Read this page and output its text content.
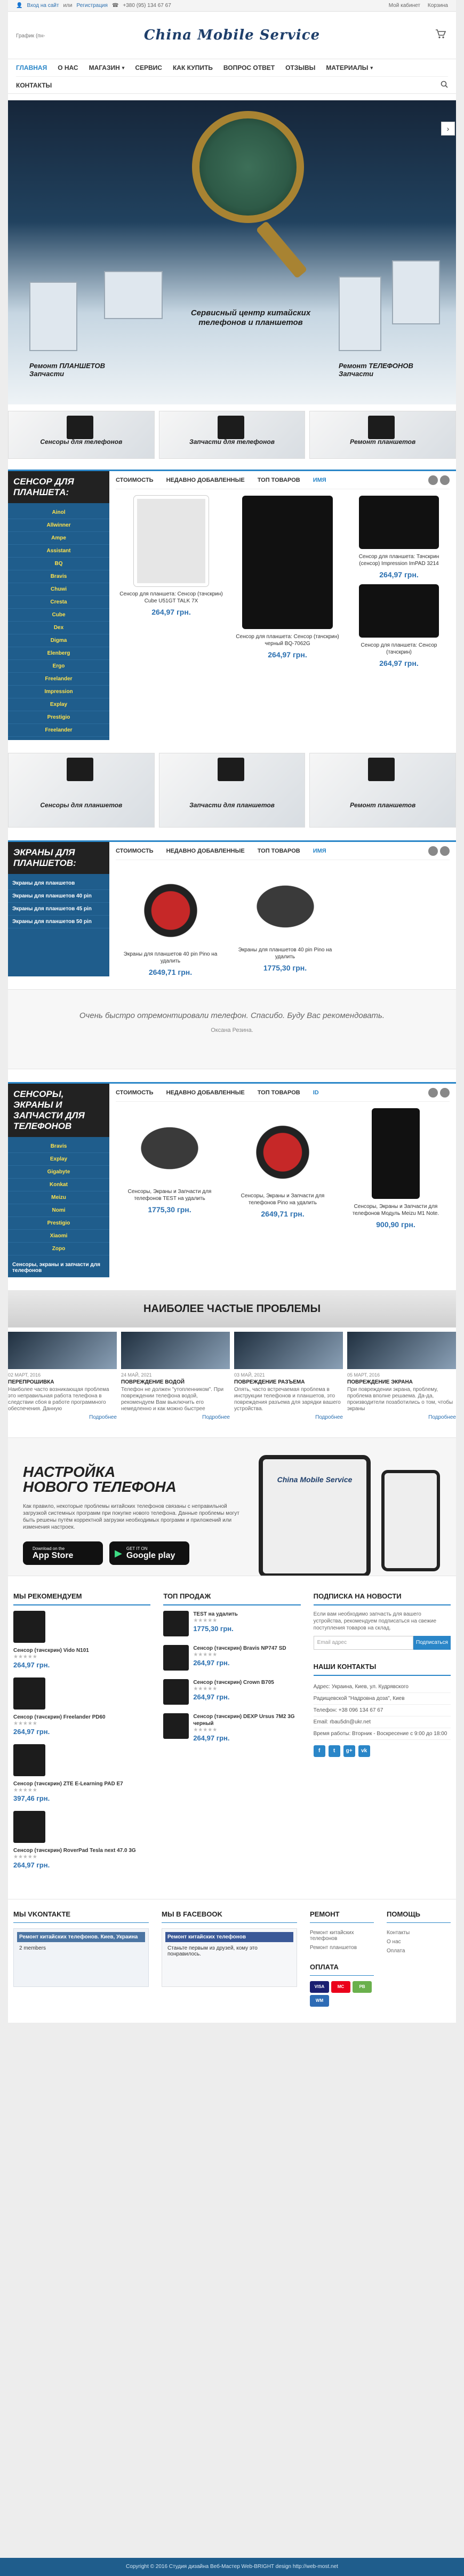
👤 Вход на сайт или Регистрация ☎ +380 (95) 134 67 67	Мой кабинет Корзина
График (пн-	China Mobile Service
ГЛАВНАЯ О НАС МАГАЗИН ▾ СЕРВИС КАК КУПИТЬ ВОПРОС ОТВЕТ ОТЗЫВЫ МАТЕРИАЛЫ ▾
КОНТАКТЫ
Сервисный центр китайских телефонов и планшетов
Ремонт ПЛАНШЕТОВ Запчасти
Ремонт ТЕЛЕФОНОВ Запчасти
›
Сенсоры для телефонов	Запчасти для телефонов	Ремонт планшетов
СЕНСОР ДЛЯ ПЛАНШЕТА:
Ainol
Allwinner
Ampe
Assistant
BQ
Bravis
Chuwi
Cresta
Cube
Dex
Digma
Elenberg
Ergo
Freelander
Impression
Explay
Prestigio
Freelander
СТОИМОСТЬ НЕДАВНО ДОБАВЛЕННЫЕ ТОП ТОВАРОВ ИМЯ
Сенсор для планшета: Сенсор (тачскрин) Cube U51GT TALK 7X
264,97 грн.
Сенсор для планшета: Сенсор (тачскрин) черный BQ-7062G
264,97 грн.
Сенсор для планшета: Тачскрин (сенсор) Impression ImPAD 3214
264,97 грн.
Сенсор для планшета: Сенсор (тачскрин)
264,97 грн.
Сенсоры для планшетов	Запчасти для планшетов	Ремонт планшетов
ЭКРАНЫ ДЛЯ ПЛАНШЕТОВ:
Экраны для планшетов
Экраны для планшетов 40 pin
Экраны для планшетов 45 pin
Экраны для планшетов 50 pin
СТОИМОСТЬ НЕДАВНО ДОБАВЛЕННЫЕ ТОП ТОВАРОВ ИМЯ
Экраны для планшетов 40 pin Pino на удалить
2649,71 грн.
Экраны для планшетов 40 pin Pino на удалить
1775,30 грн.
Очень быстро отремонтировали телефон. Спасибо. Буду Вас рекомендовать.
Оксана Резина.
СЕНСОРЫ, ЭКРАНЫ И ЗАПЧАСТИ ДЛЯ ТЕЛЕФОНОВ
Bravis
Explay
Gigabyte
Konkat
Meizu
Nomi
Prestigio
Xiaomi
Zopo
Сенсоры, экраны и запчасти для телефонов
СТОИМОСТЬ НЕДАВНО ДОБАВЛЕННЫЕ ТОП ТОВАРОВ ID
Сенсоры, Экраны и Запчасти для телефонов TEST на удалить
1775,30 грн.
Сенсоры, Экраны и Запчасти для телефонов Pino на удалить
2649,71 грн.
Сенсоры, Экраны и Запчасти для телефонов Модуль Meizu M1 Note.
900,90 грн.
НАИБОЛЕЕ ЧАСТЫЕ ПРОБЛЕМЫ
02 МАРТ, 2016
ПЕРЕПРОШИВКА
Наиболее часто возникающая проблема это неправильная работа телефона в следствии сбоя в работе программного обеспечения. Данную
Подробнее
24 МАЙ, 2021
ПОВРЕЖДЕНИЕ ВОДОЙ
Телефон не должен "утопленником". При повреждении телефона водой, рекомендуем Вам выключить его немедленно и как можно быстрее
Подробнее
03 МАЙ, 2021
ПОВРЕЖДЕНИЕ РАЗЪЕМА
Опять, часто встречаемая проблема в инструкции телефонов и планшетов, это повреждения разъема для зарядки вашего устройства.
Подробнее
05 МАРТ, 2016
ПОВРЕЖДЕНИЕ ЭКРАНА
При повреждении экрана, проблему, проблема вполне решаема. Да-да, производители позаботились о том, чтобы экраны
Подробнее
НАСТРОЙКА НОВОГО ТЕЛЕФОНА
Как правило, некоторые проблемы китайских телефонов связаны с неправильной загрузкой системных программ при покупке нового телефона. Данные проблемы могут быть решены путём корректной загрузки необходимых программ и приложений или изменения настроек.
Download on the
App Store	▶ GET IT ON
Google play
China Mobile Service
МЫ РЕКОМЕНДУЕМ
Сенсор (тачскрин) Vido N101
★★★★★
264,97 грн.
Сенсор (тачскрин) Freelander PD60
★★★★★
264,97 грн.
Сенсор (тачскрин) ZTE E-Learning PAD E7
★★★★★
397,46 грн.
Сенсор (тачскрин) RoverPad Tesla next 47.0 3G
★★★★★
264,97 грн.
ТОП ПРОДАЖ
TEST на удалить
★★★★★
1775,30 грн.
Сенсор (тачскрин) Bravis NP747 SD
★★★★★
264,97 грн.
Сенсор (тачскрин) Crown B705
★★★★★
264,97 грн.
Сенсор (тачскрин) DEXP Ursus 7M2 3G черный
★★★★★
264,97 грн.
ПОДПИСКА НА НОВОСТИ
Если вам необходимо запчасть для вашего устройства, рекомендуем подписаться на свежие поступления товаров на склад.
Email адрес	Подписаться
НАШИ КОНТАКТЫ
Адрес: Украина, Киев, ул. Кудрявского
Радищевской "Надровна доза", Киев
Телефон: +38 096 134 67 67
Email: rbau5dn@ukr.net
Время работы: Вторник - Воскресение с 9:00 до 18:00
f	t	g+	vk
МЫ VKONTAKTE
Ремонт китайских телефонов. Киев, Украина
2 members
МЫ В FACEBOOK
Ремонт китайских телефонов
Станьте первым из друзей, кому это понравилось.
РЕМОНТ
Ремонт китайских телефонов
Ремонт планшетов
ОПЛАТА
VISA	MC	PB
WM
ПОМОЩЬ
Контакты
О нас
Оплата
Copyright © 2016 Студия дизайна Веб-Мастер Web-BRIGHT design http://web-most.net
